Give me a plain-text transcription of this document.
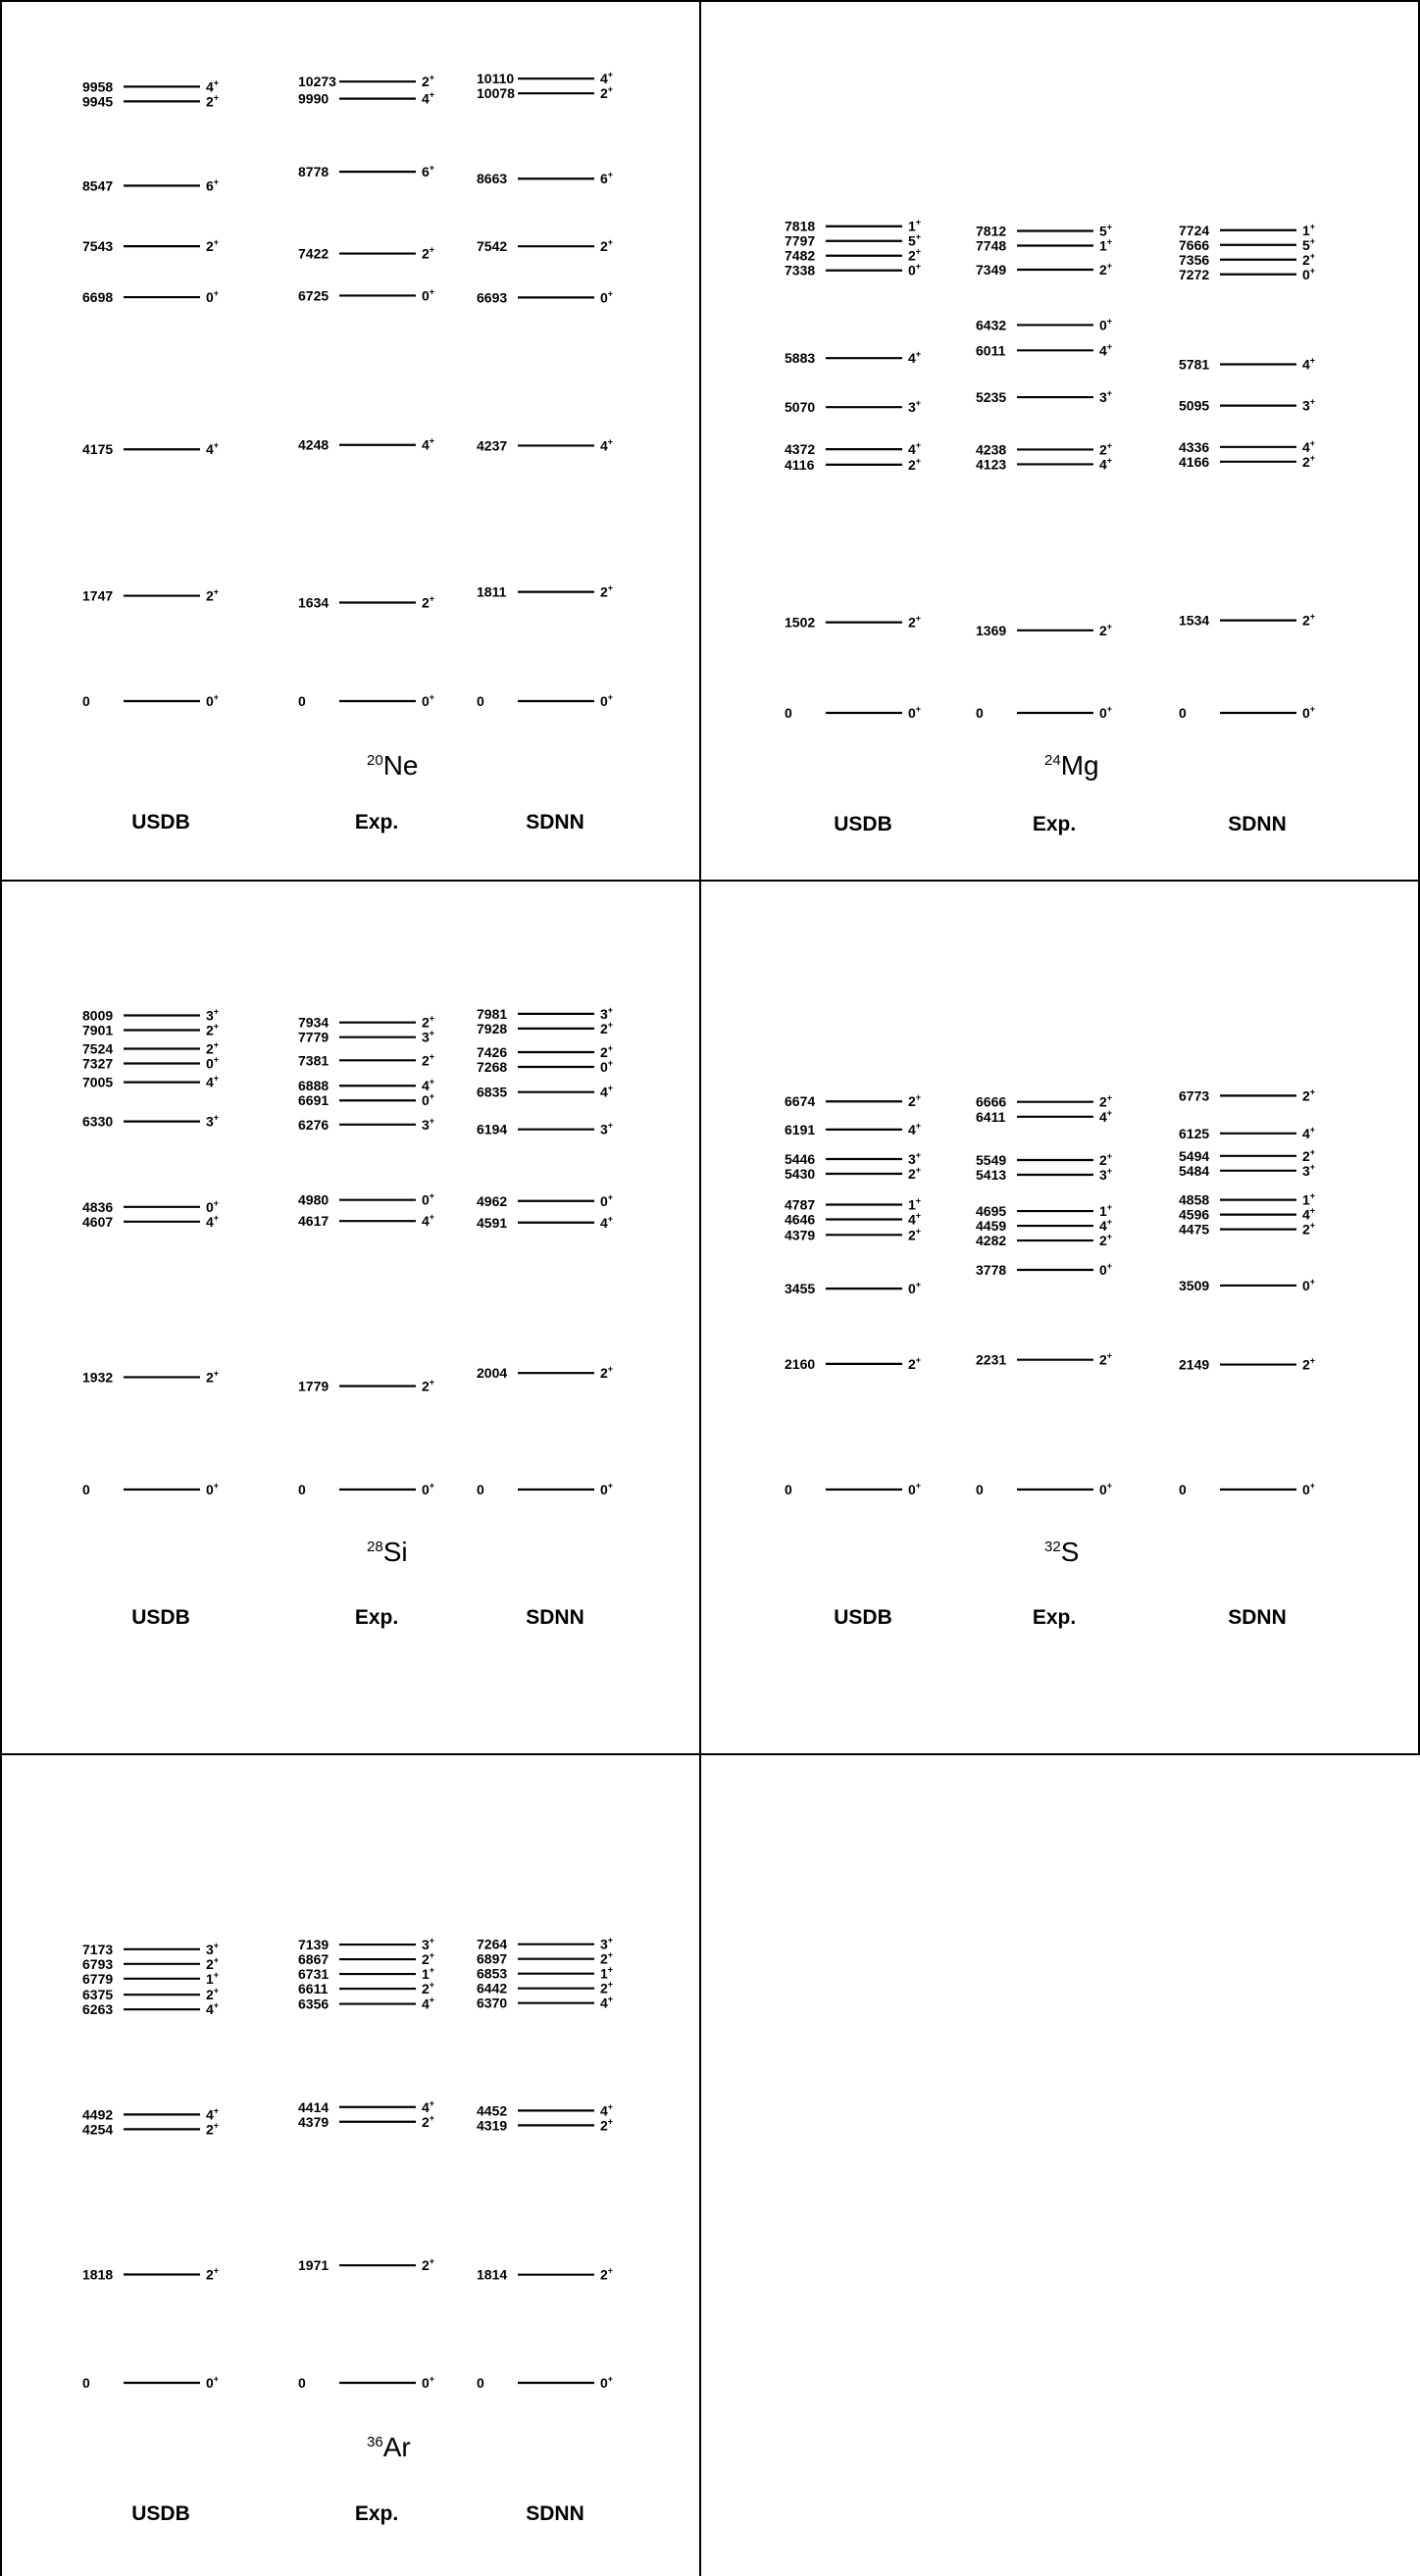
0	0+
1747	2+
4175	4+
6698	0+
7543	2+
8547	6+
9945	2+
9958	4+
USDB
0	0+
1634	2+
4248	4+
6725	0+
7422	2+
8778	6+
9990	4+
10273	2+
Exp.
0	0+
1811	2+
4237	4+
6693	0+
7542	2+
8663	6+
10078	2+
10110	4+
SDNN
$^{20}$Ne
0	0+
1502	2+
4116	2+
4372	4+
5070	3+
5883	4+
7338	0+
7482	2+
7797	5+
7818	1+
USDB
0	0+
1369	2+
4123	4+
4238	2+
5235	3+
6011	4+
6432	0+
7349	2+
7748	1+
7812	5+
Exp.
0	0+
1534	2+
4166	2+
4336	4+
5095	3+
5781	4+
7272	0+
7356	2+
7666	5+
7724	1+
SDNN
$^{24}$Mg
0	0+
1932	2+
4607	4+
4836	0+
6330	3+
7005	4+
7327	0+
7524	2+
7901	2+
8009	3+
USDB
0	0+
1779	2+
4617	4+
4980	0+
6276	3+
6691	0+
6888	4+
7381	2+
7779	3+
7934	2+
Exp.
0	0+
2004	2+
4591	4+
4962	0+
6194	3+
6835	4+
7268	0+
7426	2+
7928	2+
7981	3+
SDNN
$^{28}$Si
0	0+
2160	2+
3455	0+
4379	2+
4646	4+
4787	1+
5430	2+
5446	3+
6191	4+
6674	2+
USDB
0	0+
2231	2+
3778	0+
4282	2+
4459	4+
4695	1+
5413	3+
5549	2+
6411	4+
6666	2+
Exp.
0	0+
2149	2+
3509	0+
4475	2+
4596	4+
4858	1+
5484	3+
5494	2+
6125	4+
6773	2+
SDNN
$^{32}$S
0	0+
1818	2+
4254	2+
4492	4+
6263	4+
6375	2+
6779	1+
6793	2+
7173	3+
USDB
0	0+
1971	2+
4379	2+
4414	4+
6356	4+
6611	2+
6731	1+
6867	2+
7139	3+
Exp.
0	0+
1814	2+
4319	2+
4452	4+
6370	4+
6442	2+
6853	1+
6897	2+
7264	3+
SDNN
$^{36}$Ar
